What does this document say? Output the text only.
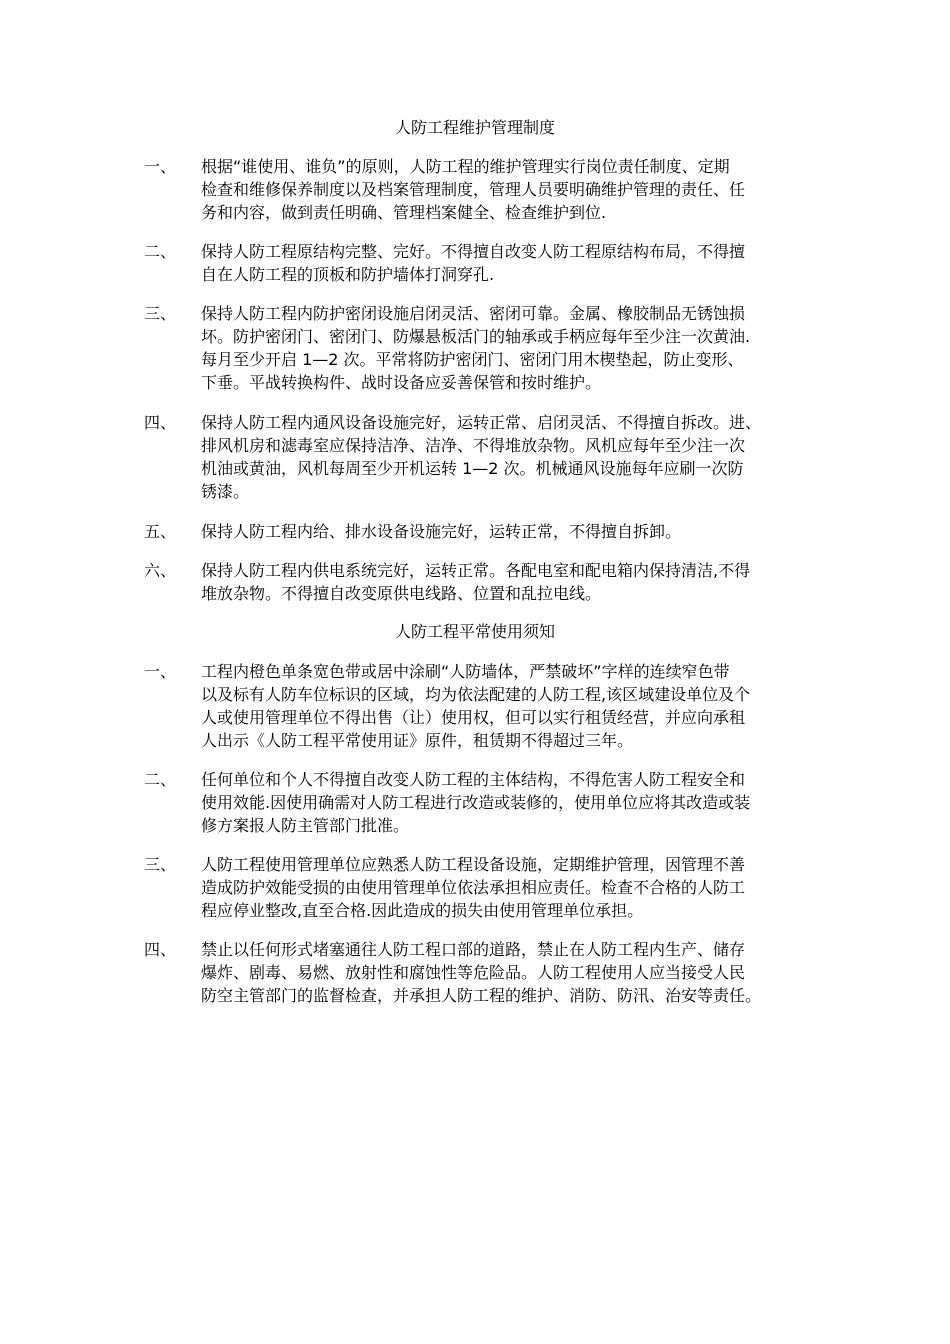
人防工程维护管理制度
一、	根据“谁使用、谁负”的原则，人防工程的维护管理实行岗位责任制度、定期
检查和维修保养制度以及档案管理制度，管理人员要明确维护管理的责任、任
务和内容，做到责任明确、管理档案健全、检查维护到位.
二、	保持人防工程原结构完整、完好。不得擅自改变人防工程原结构布局，不得擅
自在人防工程的顶板和防护墙体打洞穿孔.
三、	保持人防工程内防护密闭设施启闭灵活、密闭可靠。金属、橡胶制品无锈蚀损
坏。防护密闭门、密闭门、防爆悬板活门的轴承或手柄应每年至少注一次黄油.
每月至少开启 1—2 次。平常将防护密闭门、密闭门用木楔垫起，防止变形、
下垂。平战转换构件、战时设备应妥善保管和按时维护。
四、	保持人防工程内通风设备设施完好，运转正常、启闭灵活、不得擅自拆改。进、
排风机房和滤毒室应保持洁净、洁净、不得堆放杂物。风机应每年至少注一次
机油或黄油，风机每周至少开机运转 1—2 次。机械通风设施每年应刷一次防
锈漆。
五、	保持人防工程内给、排水设备设施完好，运转正常，不得擅自拆卸。
六、	保持人防工程内供电系统完好，运转正常。各配电室和配电箱内保持清洁,不得
堆放杂物。不得擅自改变原供电线路、位置和乱拉电线。
人防工程平常使用须知
一、	工程内橙色单条宽色带或居中涂刷“人防墙体，严禁破坏”字样的连续窄色带
以及标有人防车位标识的区域，均为依法配建的人防工程,该区域建设单位及个
人或使用管理单位不得出售（让）使用权，但可以实行租赁经营，并应向承租
人出示《人防工程平常使用证》原件，租赁期不得超过三年。
二、	任何单位和个人不得擅自改变人防工程的主体结构，不得危害人防工程安全和
使用效能.因使用确需对人防工程进行改造或装修的，使用单位应将其改造或装
修方案报人防主管部门批准。
三、	人防工程使用管理单位应熟悉人防工程设备设施，定期维护管理，因管理不善
造成防护效能受损的由使用管理单位依法承担相应责任。检查不合格的人防工
程应停业整改,直至合格.因此造成的损失由使用管理单位承担。
四、	禁止以任何形式堵塞通往人防工程口部的道路，禁止在人防工程内生产、储存
爆炸、剧毒、易燃、放射性和腐蚀性等危险品。人防工程使用人应当接受人民
防空主管部门的监督检查，并承担人防工程的维护、消防、防汛、治安等责任。
